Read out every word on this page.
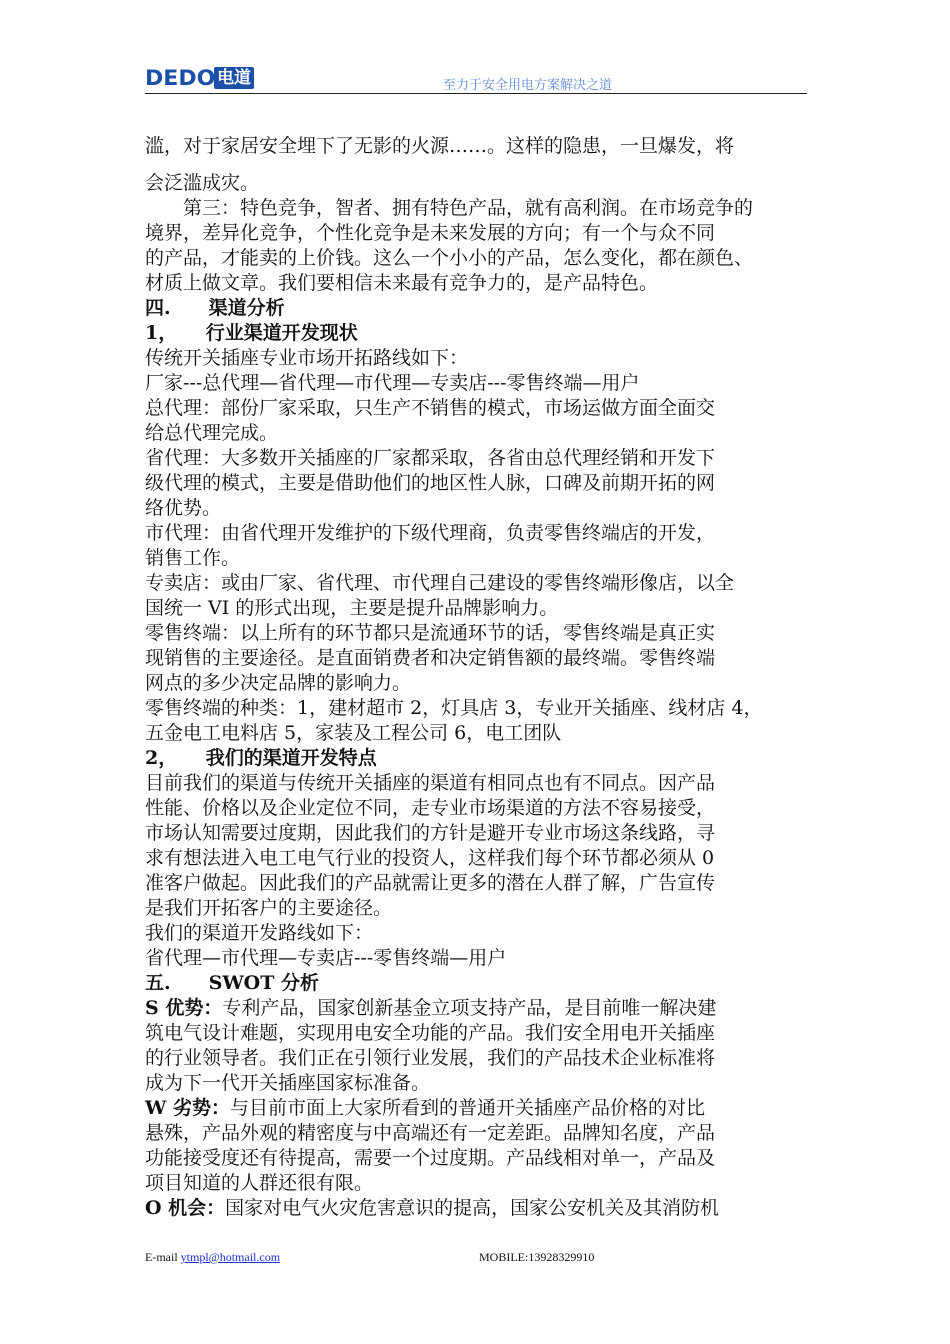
DEDO 电道	至力于安全用电方案解决之道

滥，对于家居安全埋下了无影的火源……。这样的隐患，一旦爆发，将

会泛滥成灾。

第三：特色竞争，智者、拥有特色产品，就有高利润。在市场竞争的

境界，差异化竞争，个性化竞争是未来发展的方向；有一个与众不同

的产品，才能卖的上价钱。这么一个小小的产品，怎么变化，都在颜色、

材质上做文章。我们要相信未来最有竞争力的，是产品特色。

四.　　渠道分析

1，　　行业渠道开发现状

传统开关插座专业市场开拓路线如下：

厂家---总代理—省代理—市代理—专卖店---零售终端—用户

总代理：部份厂家采取，只生产不销售的模式，市场运做方面全面交

给总代理完成。

省代理：大多数开关插座的厂家都采取，各省由总代理经销和开发下

级代理的模式，主要是借助他们的地区性人脉，口碑及前期开拓的网

络优势。

市代理：由省代理开发维护的下级代理商，负责零售终端店的开发，

销售工作。

专卖店：或由厂家、省代理、市代理自己建设的零售终端形像店，以全

国统一 VI 的形式出现，主要是提升品牌影响力。

零售终端：以上所有的环节都只是流通环节的话，零售终端是真正实

现销售的主要途径。是直面销费者和决定销售额的最终端。零售终端

网点的多少决定品牌的影响力。

零售终端的种类：1，建材超市 2，灯具店 3，专业开关插座、线材店 4，

五金电工电料店 5，家装及工程公司 6，电工团队

2，　　我们的渠道开发特点

目前我们的渠道与传统开关插座的渠道有相同点也有不同点。因产品

性能、价格以及企业定位不同，走专业市场渠道的方法不容易接受，

市场认知需要过度期，因此我们的方针是避开专业市场这条线路，寻

求有想法进入电工电气行业的投资人，这样我们每个环节都必须从 0

准客户做起。因此我们的产品就需让更多的潜在人群了解，广告宣传

是我们开拓客户的主要途径。

我们的渠道开发路线如下：

省代理—市代理—专卖店---零售终端—用户

五.　　SWOT 分析

S 优势：专利产品，国家创新基金立项支持产品，是目前唯一解决建

筑电气设计难题，实现用电安全功能的产品。我们安全用电开关插座

的行业领导者。我们正在引领行业发展，我们的产品技术企业标准将

成为下一代开关插座国家标准备。

W 劣势：与目前市面上大家所看到的普通开关插座产品价格的对比

悬殊，产品外观的精密度与中高端还有一定差距。品牌知名度，产品

功能接受度还有待提高，需要一个过度期。产品线相对单一，产品及

项目知道的人群还很有限。

O 机会：国家对电气火灾危害意识的提高，国家公安机关及其消防机

E-mail ytmpl@hotmail.com	MOBILE:13928329910
